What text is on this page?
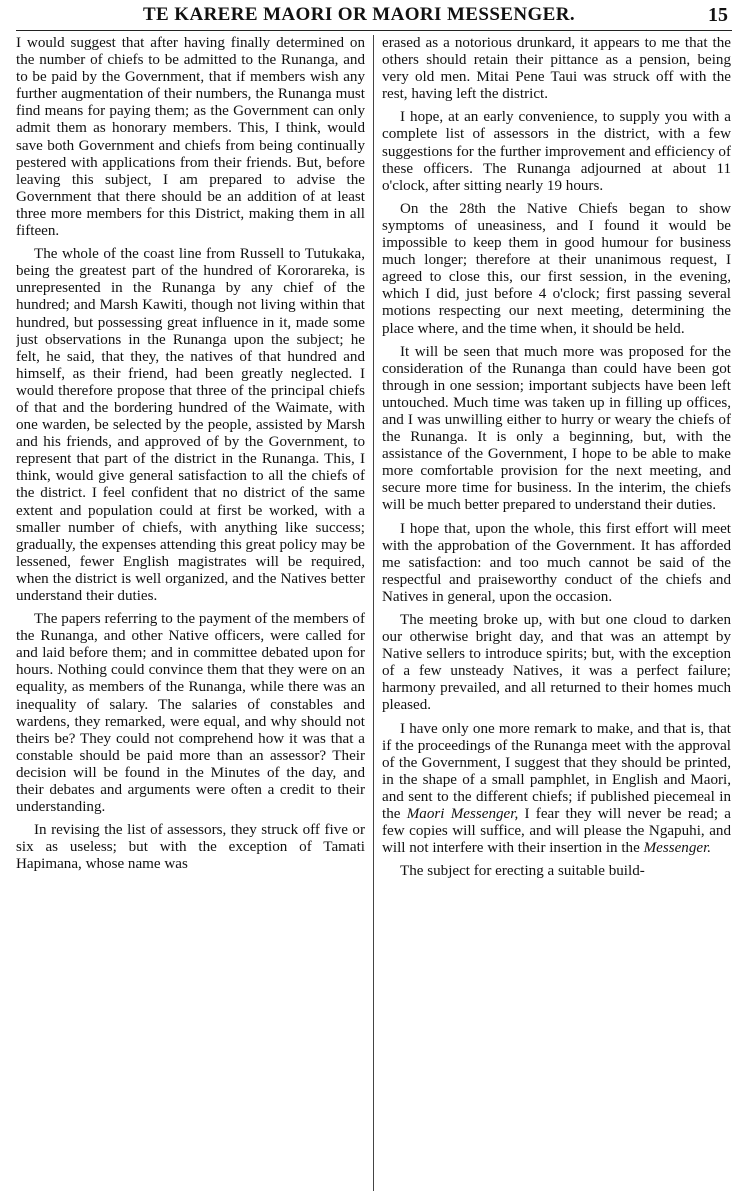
TE KARERE MAORI OR MAORI MESSENGER.	15

I would suggest that after having finally determined on the number of chiefs to be admitted to the Runanga, and to be paid by the Government, that if members wish any further augmentation of their numbers, the Runanga must find means for paying them; as the Government can only admit them as honorary members. This, I think, would save both Government and chiefs from being continually pestered with applications from their friends. But, before leaving this subject, I am prepared to advise the Government that there should be an addition of at least three more members for this District, making them in all fifteen.

The whole of the coast line from Russell to Tutukaka, being the greatest part of the hundred of Kororareka, is unrepresented in the Runanga by any chief of the hundred; and Marsh Kawiti, though not living within that hundred, but possessing great influence in it, made some just observations in the Runanga upon the subject; he felt, he said, that they, the natives of that hundred and himself, as their friend, had been greatly neglected. I would therefore propose that three of the principal chiefs of that and the bordering hundred of the Waimate, with one warden, be selected by the people, assisted by Marsh and his friends, and approved of by the Government, to represent that part of the district in the Runanga. This, I think, would give general satisfaction to all the chiefs of the district. I feel confident that no district of the same extent and population could at first be worked, with a smaller number of chiefs, with anything like success; gradually, the expenses attending this great policy may be lessened, fewer English magistrates will be required, when the district is well organized, and the Natives better understand their duties.

The papers referring to the payment of the members of the Runanga, and other Native officers, were called for and laid before them; and in committee debated upon for hours. Nothing could convince them that they were on an equality, as members of the Runanga, while there was an inequality of salary. The salaries of constables and wardens, they remarked, were equal, and why should not theirs be? They could not comprehend how it was that a constable should be paid more than an assessor? Their decision will be found in the Minutes of the day, and their debates and arguments were often a credit to their understanding.

In revising the list of assessors, they struck off five or six as useless; but with the exception of Tamati Hapimana, whose name was

erased as a notorious drunkard, it appears to me that the others should retain their pittance as a pension, being very old men. Mitai Pene Taui was struck off with the rest, having left the district.

I hope, at an early convenience, to supply you with a complete list of assessors in the district, with a few suggestions for the further improvement and efficiency of these officers. The Runanga adjourned at about 11 o'clock, after sitting nearly 19 hours.

On the 28th the Native Chiefs began to show symptoms of uneasiness, and I found it would be impossible to keep them in good humour for business much longer; therefore at their unanimous request, I agreed to close this, our first session, in the evening, which I did, just before 4 o'clock; first passing several motions respecting our next meeting, determining the place where, and the time when, it should be held.

It will be seen that much more was proposed for the consideration of the Runanga than could have been got through in one session; important subjects have been left untouched. Much time was taken up in filling up offices, and I was unwilling either to hurry or weary the chiefs of the Runanga. It is only a beginning, but, with the assistance of the Government, I hope to be able to make more comfortable provision for the next meeting, and secure more time for business. In the interim, the chiefs will be much better prepared to understand their duties.

I hope that, upon the whole, this first effort will meet with the approbation of the Government. It has afforded me satisfaction: and too much cannot be said of the respectful and praiseworthy conduct of the chiefs and Natives in general, upon the occasion.

The meeting broke up, with but one cloud to darken our otherwise bright day, and that was an attempt by Native sellers to introduce spirits; but, with the exception of a few unsteady Natives, it was a perfect failure; harmony prevailed, and all returned to their homes much pleased.

I have only one more remark to make, and that is, that if the proceedings of the Runanga meet with the approval of the Government, I suggest that they should be printed, in the shape of a small pamphlet, in English and Maori, and sent to the different chiefs; if published piecemeal in the Maori Messenger, I fear they will never be read; a few copies will suffice, and will please the Ngapuhi, and will not interfere with their insertion in the Messenger.

The subject for erecting a suitable build-
